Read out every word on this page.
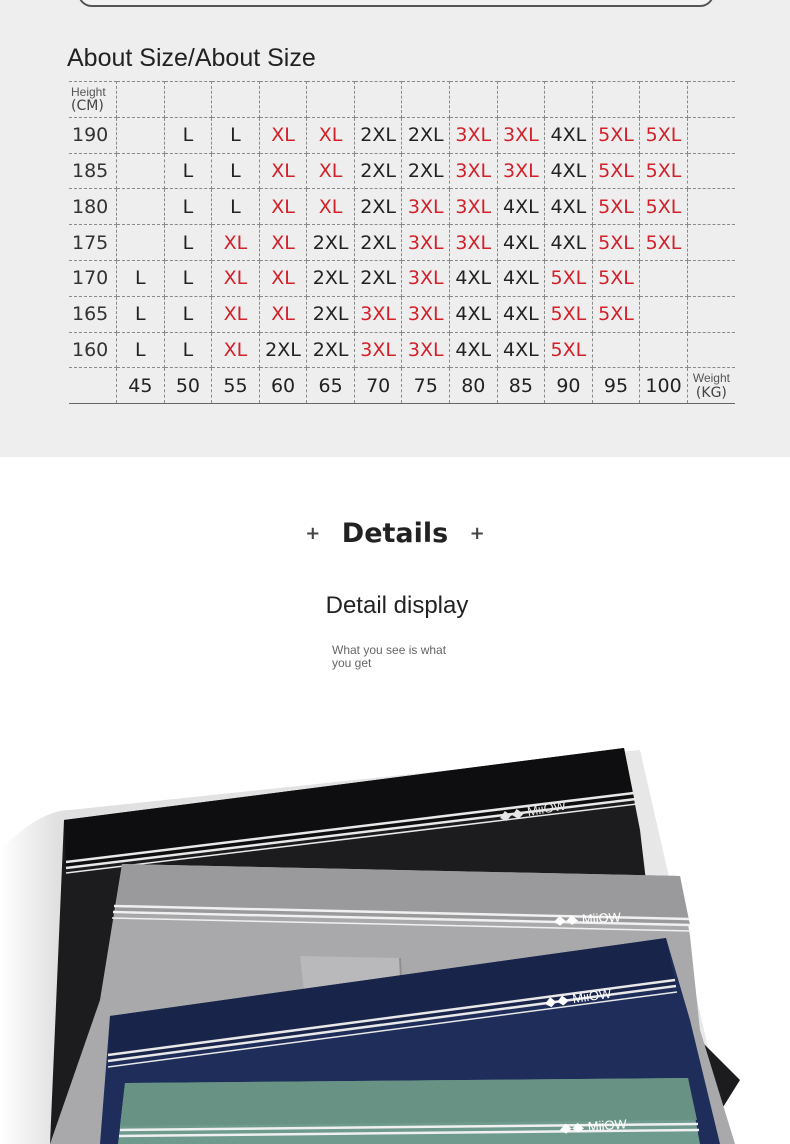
About Size/About Size
Height
(CM)													
190		L	L	XL	XL	2XL	2XL	3XL	3XL	4XL	5XL	5XL	
185		L	L	XL	XL	2XL	2XL	3XL	3XL	4XL	5XL	5XL	
180		L	L	XL	XL	2XL	3XL	3XL	4XL	4XL	5XL	5XL	
175		L	XL	XL	2XL	2XL	3XL	3XL	4XL	4XL	5XL	5XL	
170	L	L	XL	XL	2XL	2XL	3XL	4XL	4XL	5XL	5XL		
165	L	L	XL	XL	2XL	3XL	3XL	4XL	4XL	5XL	5XL		
160	L	L	XL	2XL	2XL	3XL	3XL	4XL	4XL	5XL			
	45	50	55	60	65	70	75	80	85	90	95	100	Weight
(KG)
+ Details +
Detail display
What you see is what you get
MiiOW
MiiOW
MiiOW
MiiOW
